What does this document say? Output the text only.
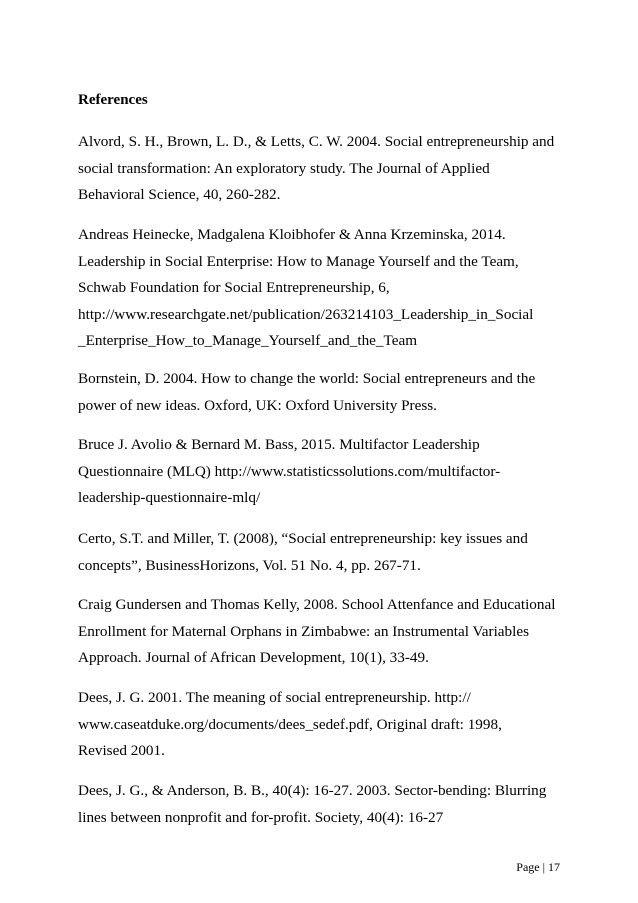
References

Alvord, S. H., Brown, L. D., & Letts, C. W. 2004. Social entrepreneurship and
social transformation: An exploratory study. The Journal of Applied
Behavioral Science, 40, 260-282.

Andreas Heinecke, Madgalena Kloibhofer & Anna Krzeminska, 2014.
Leadership in Social Enterprise: How to Manage Yourself and the Team,
Schwab Foundation for Social Entrepreneurship, 6,
http://www.researchgate.net/publication/263214103_Leadership_in_Social
_Enterprise_How_to_Manage_Yourself_and_the_Team

Bornstein, D. 2004. How to change the world: Social entrepreneurs and the
power of new ideas. Oxford, UK: Oxford University Press.

Bruce J. Avolio & Bernard M. Bass, 2015. Multifactor Leadership
Questionnaire (MLQ) http://www.statisticssolutions.com/multifactor-
leadership-questionnaire-mlq/

Certo, S.T. and Miller, T. (2008), “Social entrepreneurship: key issues and
concepts”, BusinessHorizons, Vol. 51 No. 4, pp. 267-71.

Craig Gundersen and Thomas Kelly, 2008. School Attenfance and Educational
Enrollment for Maternal Orphans in Zimbabwe: an Instrumental Variables
Approach. Journal of African Development, 10(1), 33-49.

Dees, J. G. 2001. The meaning of social entrepreneurship. http://
www.caseatduke.org/documents/dees_sedef.pdf, Original draft: 1998,
Revised 2001.

Dees, J. G., & Anderson, B. B., 40(4): 16-27. 2003. Sector-bending: Blurring
lines between nonprofit and for-profit. Society, 40(4): 16-27

Page | 17
